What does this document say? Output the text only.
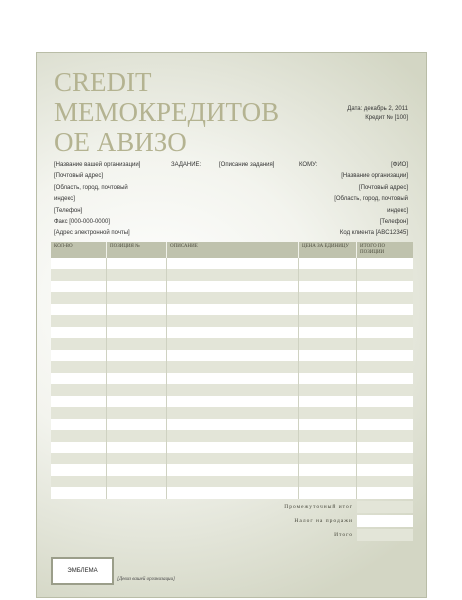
CREDIT
МЕМОКРЕДИТОВ
ОЕ АВИЗО
Дата: декабрь 2, 2011
Кредит № [100]
[Название вашей организации]
[Почтовый адрес]
[Область, город, почтовый
индекс]
[Телефон]
Факс [000-000-0000]
[Адрес электронной почты]
ЗАДАНИЕ:	[Описание задания]	КОМУ:	[ФИО]
[Название организации]
[Почтовый адрес]
[Область, город, почтовый
индекс]
[Телефон]
Код клиента [ABC12345]
КОЛ-ВО	ПОЗИЦИЯ №	ОПИСАНИЕ	ЦЕНА ЗА ЕДИНИЦУ	ИТОГО ПО ПОЗИЦИИ
Промежуточный итог
Налог на продажи
Итого
ЭМБЛЕМА
[Девиз вашей организации]
